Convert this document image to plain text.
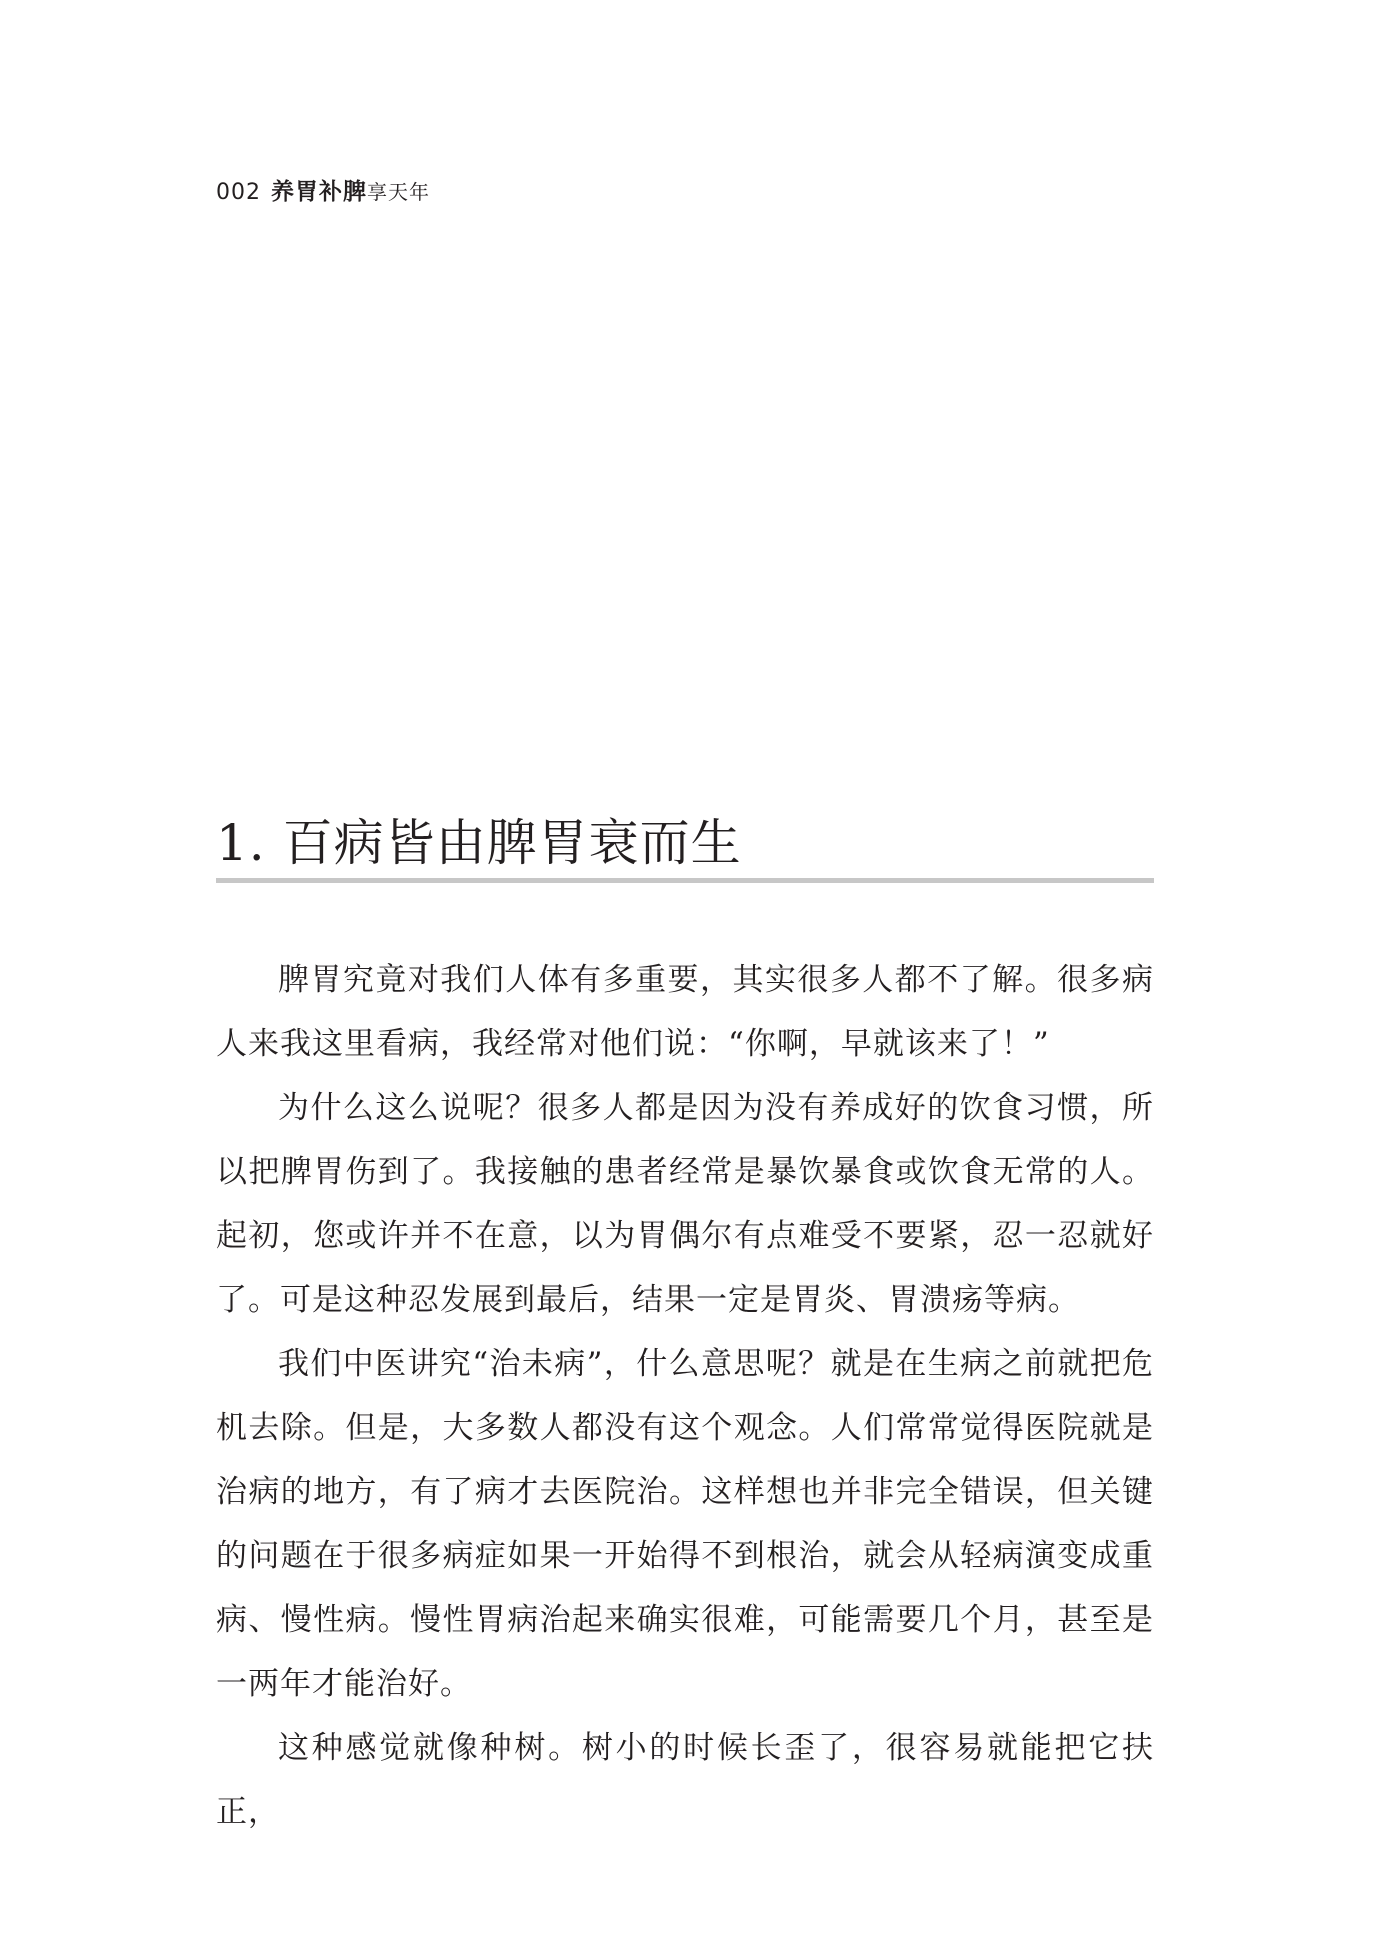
002 养胃补脾享天年
1. 百病皆由脾胃衰而生

脾胃究竟对我们人体有多重要，其实很多人都不了解。很多病人来我这里看病，我经常对他们说：“你啊，早就该来了！”

为什么这么说呢？很多人都是因为没有养成好的饮食习惯，所以把脾胃伤到了。我接触的患者经常是暴饮暴食或饮食无常的人。起初，您或许并不在意，以为胃偶尔有点难受不要紧，忍一忍就好了。可是这种忍发展到最后，结果一定是胃炎、胃溃疡等病。

我们中医讲究“治未病”，什么意思呢？就是在生病之前就把危机去除。但是，大多数人都没有这个观念。人们常常觉得医院就是治病的地方，有了病才去医院治。这样想也并非完全错误，但关键的问题在于很多病症如果一开始得不到根治，就会从轻病演变成重病、慢性病。慢性胃病治起来确实很难，可能需要几个月，甚至是一两年才能治好。

这种感觉就像种树。树小的时候长歪了，很容易就能把它扶正，
